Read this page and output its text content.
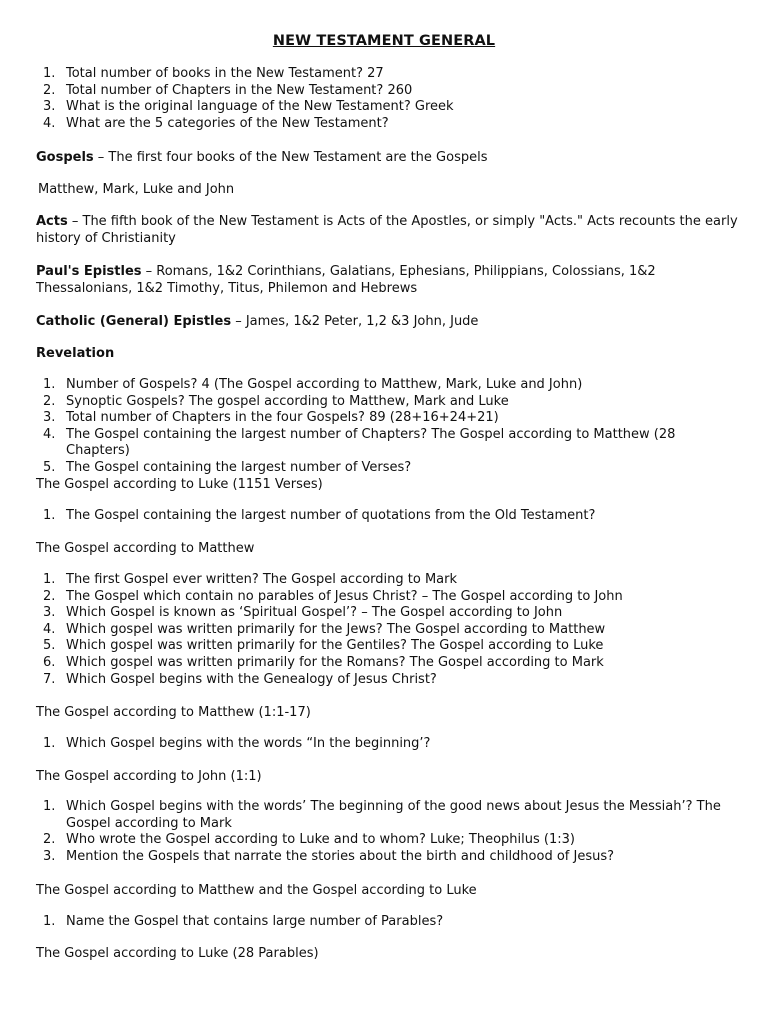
NEW TESTAMENT GENERAL
1. Total number of books in the New Testament? 27
2. Total number of Chapters in the New Testament? 260
3. What is the original language of the New Testament? Greek
4. What are the 5 categories of the New Testament?
Gospels – The first four books of the New Testament are the Gospels
Matthew, Mark, Luke and John
Acts – The fifth book of the New Testament is Acts of the Apostles, or simply "Acts." Acts recounts the early history of Christianity
Paul's Epistles – Romans, 1&2 Corinthians, Galatians, Ephesians, Philippians, Colossians, 1&2 Thessalonians, 1&2 Timothy, Titus, Philemon and Hebrews
Catholic (General) Epistles – James, 1&2 Peter, 1,2 &3 John, Jude
Revelation
1. Number of Gospels? 4 (The Gospel according to Matthew, Mark, Luke and John)
2. Synoptic Gospels? The gospel according to Matthew, Mark and Luke
3. Total number of Chapters in the four Gospels? 89 (28+16+24+21)
4. The Gospel containing the largest number of Chapters? The Gospel according to Matthew (28 Chapters)
5. The Gospel containing the largest number of Verses?
The Gospel according to Luke (1151 Verses)
1. The Gospel containing the largest number of quotations from the Old Testament?
The Gospel according to Matthew
1. The first Gospel ever written? The Gospel according to Mark
2. The Gospel which contain no parables of Jesus Christ? – The Gospel according to John
3. Which Gospel is known as ‘Spiritual Gospel’? – The Gospel according to John
4. Which gospel was written primarily for the Jews? The Gospel according to Matthew
5. Which gospel was written primarily for the Gentiles? The Gospel according to Luke
6. Which gospel was written primarily for the Romans? The Gospel according to Mark
7. Which Gospel begins with the Genealogy of Jesus Christ?
The Gospel according to Matthew (1:1-17)
1. Which Gospel begins with the words “In the beginning’?
The Gospel according to John (1:1)
1. Which Gospel begins with the words’ The beginning of the good news about Jesus the Messiah’? The Gospel according to Mark
2. Who wrote the Gospel according to Luke and to whom? Luke; Theophilus (1:3)
3. Mention the Gospels that narrate the stories about the birth and childhood of Jesus?
The Gospel according to Matthew and the Gospel according to Luke
1. Name the Gospel that contains large number of Parables?
The Gospel according to Luke (28 Parables)
